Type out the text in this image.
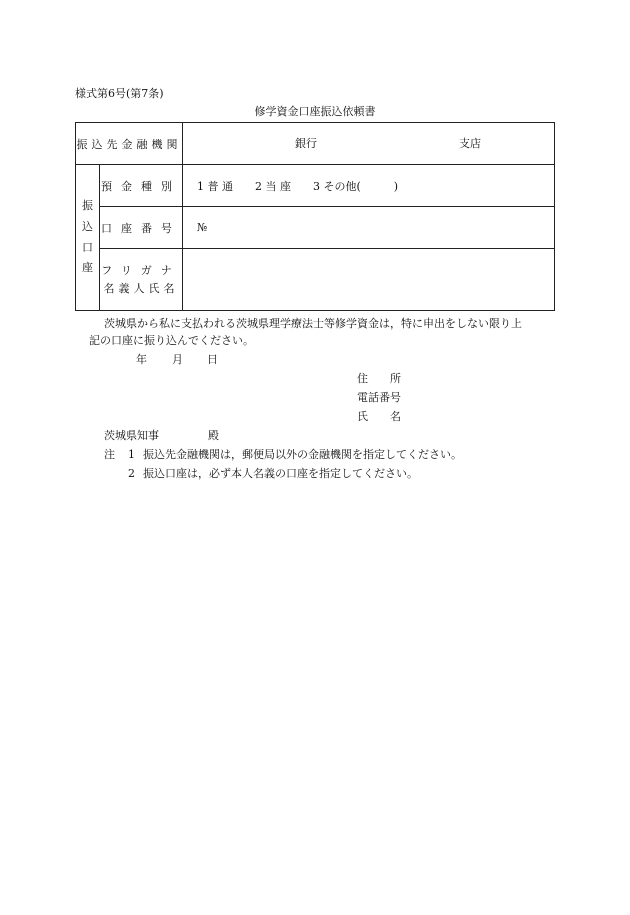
様式第6号(第7条)
修学資金口座振込依頼書
振込先金融機関		銀行 支店

振
込
口
座	預金種別	1 普 通　　2 当 座　　3 その他(　　　)
	口座番号	№

	フリガナ
名義人氏名	

茨城県から私に支払われる茨城県理学療法士等修学資金は，特に申出をしない限り上
記の口座に振り込んでください。
年 月 日
住　　所
電話番号
氏　　名
茨城県知事	殿
注 1 振込先金融機関は，郵便局以外の金融機関を指定してください。
2 振込口座は，必ず本人名義の口座を指定してください。
